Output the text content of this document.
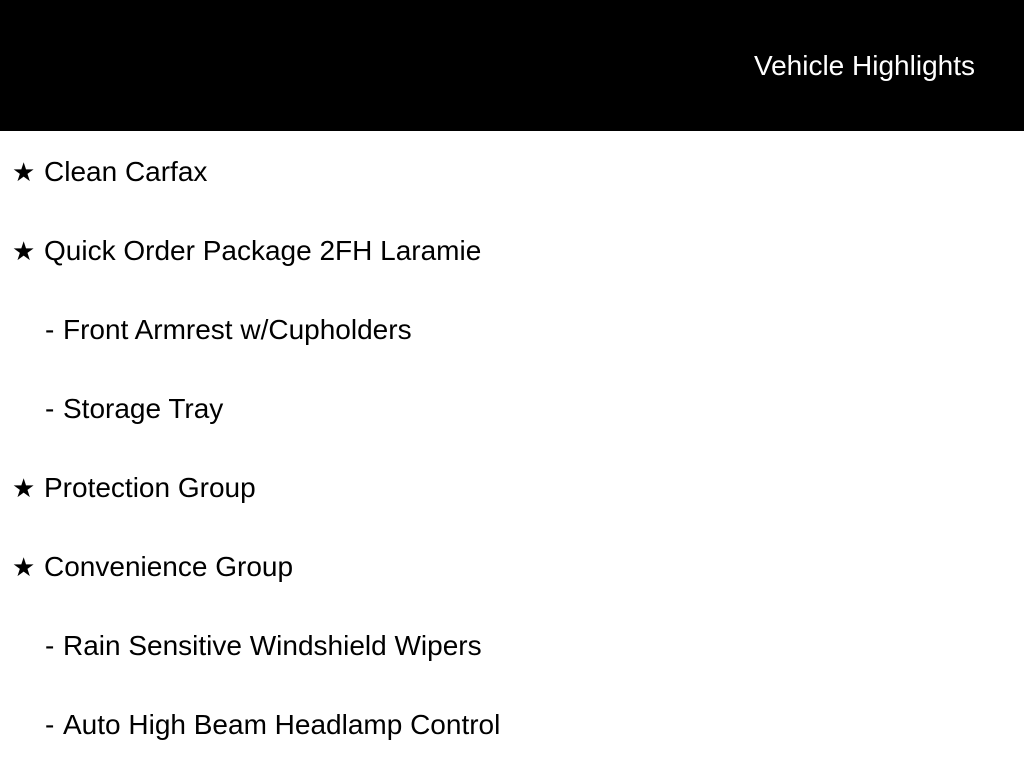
Vehicle Highlights
★ Clean Carfax
★ Quick Order Package 2FH Laramie
- Front Armrest w/Cupholders
- Storage Tray
★ Protection Group
★ Convenience Group
- Rain Sensitive Windshield Wipers
- Auto High Beam Headlamp Control
